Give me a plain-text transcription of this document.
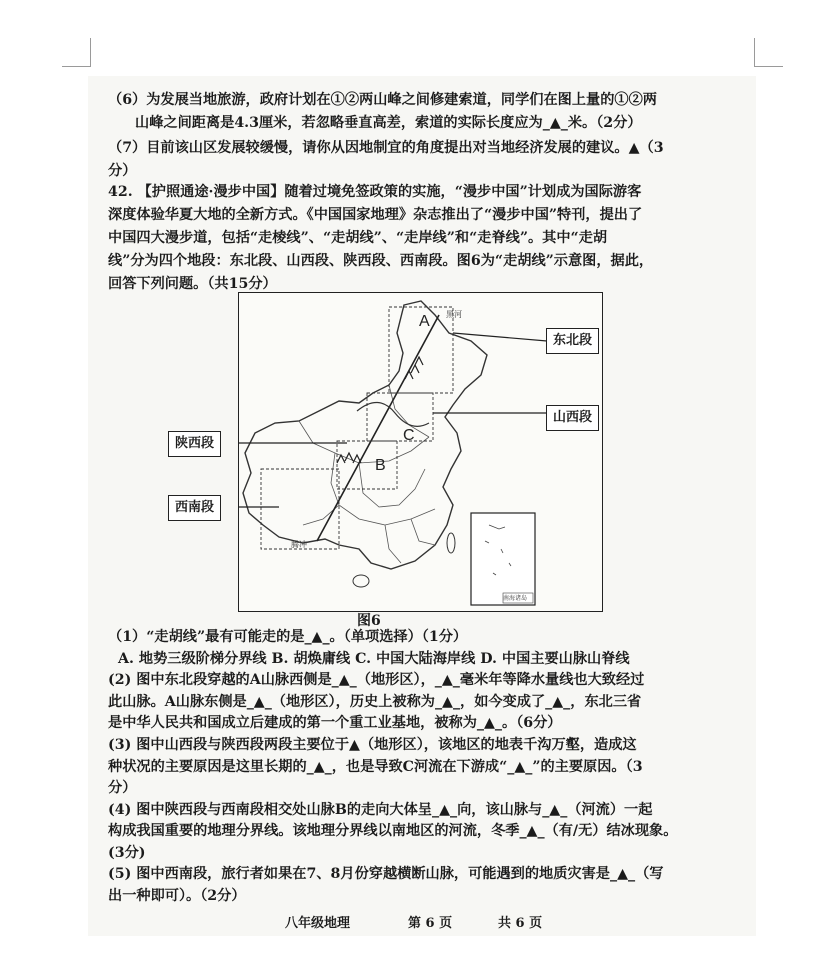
（6）为发展当地旅游，政府计划在①②两山峰之间修建索道，同学们在图上量的①②两
山峰之间距离是4.3厘米，若忽略垂直高差，索道的实际长度应为_▲_米。（2分）
（7）目前该山区发展较缓慢，请你从因地制宜的角度提出对当地经济发展的建议。▲（3
分）
42. 【护照通途·漫步中国】随着过境免签政策的实施，“漫步中国”计划成为国际游客
深度体验华夏大地的全新方式。《中国国家地理》杂志推出了“漫步中国”特刊，提出了
中国四大漫步道，包括“走棱线”、“走胡线”、“走岸线”和“走脊线”。其中“走胡
线”分为四个地段：东北段、山西段、陕西段、西南段。图6为“走胡线”示意图，据此，
回答下列问题。（共15分）
A
B
C
黑河
腾冲
南海诸岛
东北段
山西段
陕西段
西南段
图6
（1）“走胡线”最有可能走的是_▲_。（单项选择）（1分）
A. 地势三级阶梯分界线 B. 胡焕庸线 C. 中国大陆海岸线 D. 中国主要山脉山脊线
(2) 图中东北段穿越的A山脉西侧是_▲_（地形区），_▲_毫米年等降水量线也大致经过
此山脉。A山脉东侧是_▲_（地形区），历史上被称为_▲_，如今变成了_▲_，东北三省
是中华人民共和国成立后建成的第一个重工业基地，被称为_▲_。（6分）
(3) 图中山西段与陕西段两段主要位于▲（地形区），该地区的地表千沟万壑，造成这
种状况的主要原因是这里长期的_▲_，也是导致C河流在下游成“_▲_”的主要原因。（3
分）
(4) 图中陕西段与西南段相交处山脉B的走向大体呈_▲_向，该山脉与_▲_（河流）一起
构成我国重要的地理分界线。该地理分界线以南地区的河流，冬季_▲_（有/无）结冰现象。
(3分)
(5) 图中西南段，旅行者如果在7、8月份穿越横断山脉，可能遇到的地质灾害是_▲_（写
出一种即可）。（2分）
八年级地理	第 6 页	共 6 页
